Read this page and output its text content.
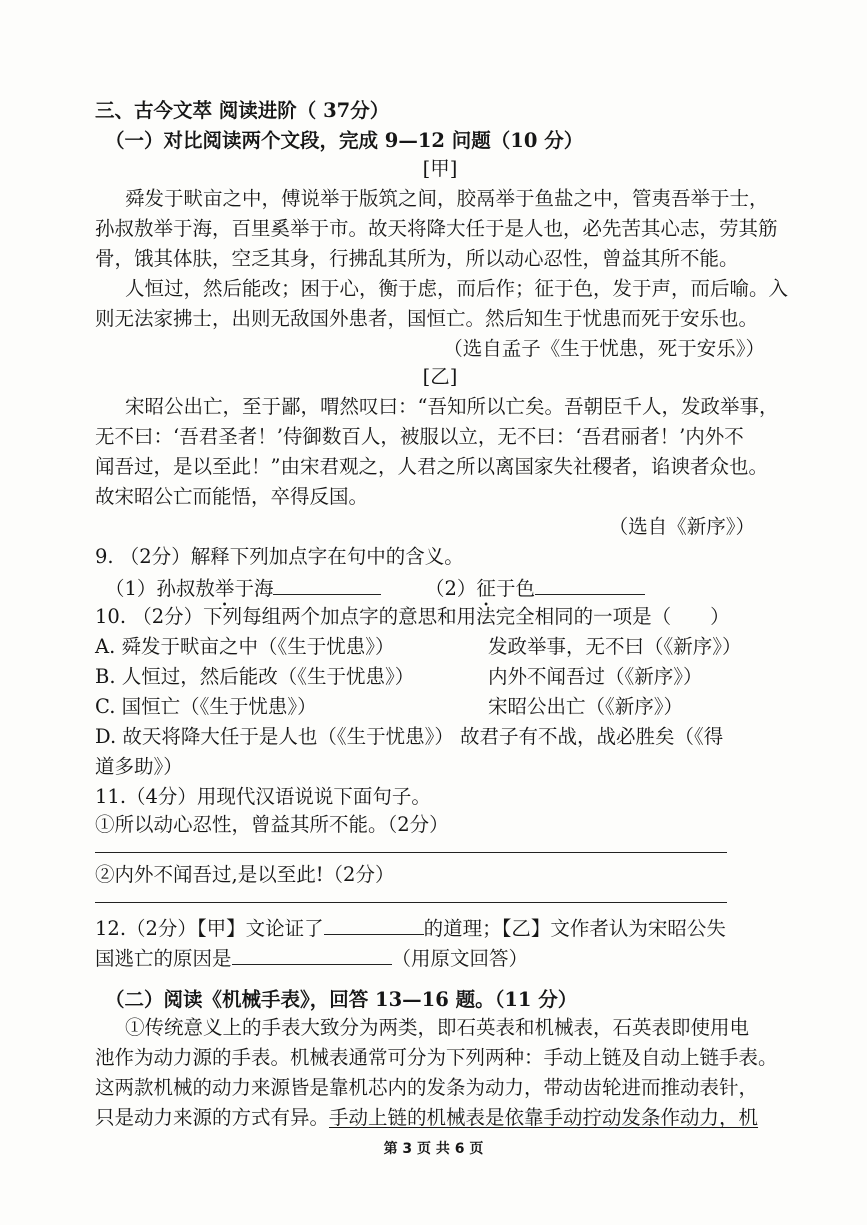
三、古今文萃 阅读进阶（ 37分）
（一）对比阅读两个文段，完成 9—12 问题（10 分）
[甲]
舜发于畎亩之中，傅说举于版筑之间，胶鬲举于鱼盐之中，管夷吾举于士，
孙叔敖举于海，百里奚举于市。故天将降大任于是人也，必先苦其心志，劳其筋
骨，饿其体肤，空乏其身，行拂乱其所为，所以动心忍性，曾益其所不能。
人恒过，然后能改；困于心，衡于虑，而后作；征于色，发于声，而后喻。入
则无法家拂士，出则无敌国外患者，国恒亡。然后知生于忧患而死于安乐也。
（选自孟子《生于忧患，死于安乐》）
[乙]
宋昭公出亡，至于鄙，喟然叹曰：“吾知所以亡矣。吾朝臣千人，发政举事，
无不曰：‘吾君圣者！’侍御数百人，被服以立，无不曰：‘吾君丽者！’内外不
闻吾过，是以至此！”由宋君观之，人君之所以离国家失社稷者，谄谀者众也。
故宋昭公亡而能悟，卒得反国。
（选自《新序》）
9. （2分）解释下列加点字在句中的含义。
（1）孙叔敖举于海	（2）征于色
10. （2分）下列每组两个加点字的意思和用法完全相同的一项是（　　）
A. 舜发于畎亩之中（《生于忧患》）	发政举事，无不曰（《新序》）
B. 人恒过，然后能改（《生于忧患》）	内外不闻吾过（《新序》）
C. 国恒亡（《生于忧患》）	宋昭公出亡（《新序》）
D. 故天将降大任于是人也（《生于忧患》） 故君子有不战，战必胜矣（《得
道多助》）
11.（4分）用现代汉语说说下面句子。
①所以动心忍性，曾益其所不能。（2分）
②内外不闻吾过,是以至此!（2分）
12.（2分）【甲】文论证了	的道理；【乙】文作者认为宋昭公失
国逃亡的原因是	（用原文回答）
（二）阅读《机械手表》，回答 13—16 题。（11 分）
①传统意义上的手表大致分为两类，即石英表和机械表，石英表即使用电
池作为动力源的手表。机械表通常可分为下列两种：手动上链及自动上链手表。
这两款机械的动力来源皆是靠机芯内的发条为动力，带动齿轮进而推动表针，
只是动力来源的方式有异。手动上链的机械表是依靠手动拧动发条作动力，机
第 3 页 共 6 页
